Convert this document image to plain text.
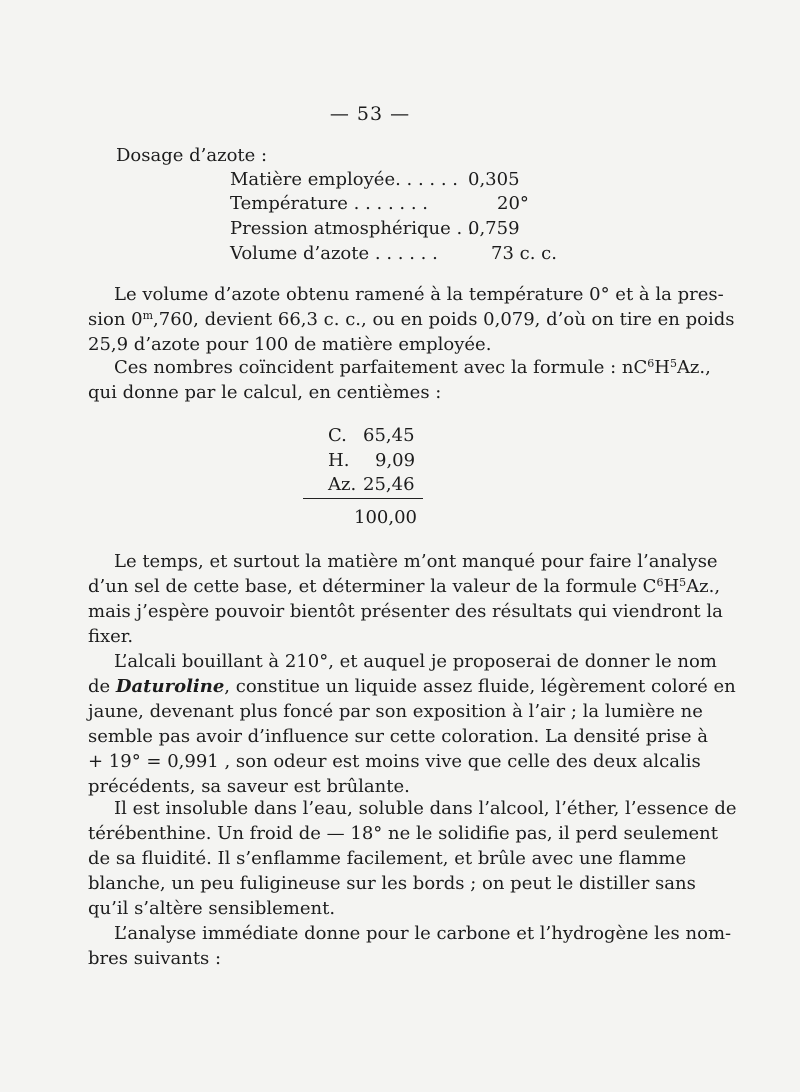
— 53 —
Dosage d’azote :
Matière employée. . . . . . 0,305
Température . . . . . . .	20°
Pression atmosphérique . .
0,759
Volume d’azote . . . . . .	73 c. c.
Le volume d’azote obtenu ramené à la température 0° et à la pres-
sion 0$^m$,760, devient 66,3 c. c., ou en poids 0,079, d’où on tire en poids
25,9 d’azote pour 100 de matière employée.
Ces nombres coïncident parfaitement avec la formule : $nC^6H^5Az$.,
qui donne par le calcul, en centièmes :
C. 65,45
H. 9,09
Az. 25,46
100,00
Le temps, et surtout la matière m’ont manqué pour faire l’analyse
d’un sel de cette base, et déterminer la valeur de la formule $C^6H^5Az$.,
mais j’espère pouvoir bientôt présenter des résultats qui viendront la
fixer.
L’alcali bouillant à 210°, et auquel je proposerai de donner le nom
de Daturoline, constitue un liquide assez fluide, légèrement coloré en
jaune, devenant plus foncé par son exposition à l’air ; la lumière ne
semble pas avoir d’influence sur cette coloration. La densité prise à
+ 19° = 0,991 , son odeur est moins vive que celle des deux alcalis
précédents, sa saveur est brûlante.
Il est insoluble dans l’eau, soluble dans l’alcool, l’éther, l’essence de
térébenthine. Un froid de — 18° ne le solidifie pas, il perd seulement
de sa fluidité. Il s’enflamme facilement, et brûle avec une flamme
blanche, un peu fuligineuse sur les bords ; on peut le distiller sans
qu’il s’altère sensiblement.
L’analyse immédiate donne pour le carbone et l’hydrogène les nom-
bres suivants :
